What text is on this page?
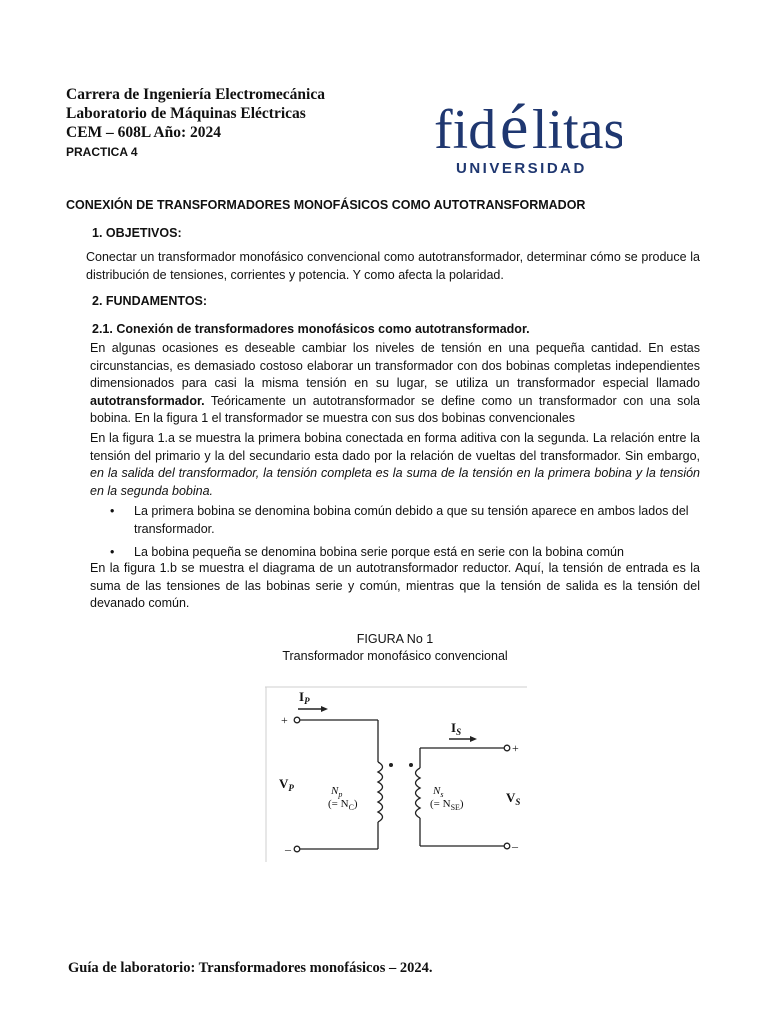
Carrera de Ingeniería Electromecánica

Laboratorio de Máquinas Eléctricas

CEM – 608L Año: 2024

PRACTICA 4	fid é litas
UNIVERSIDAD
CONEXIÓN DE TRANSFORMADORES MONOFÁSICOS COMO AUTOTRANSFORMADOR
1. OBJETIVOS:

Conectar un transformador monofásico convencional como autotransformador, determinar cómo se produce la distribución de tensiones, corrientes y potencia. Y como afecta la polaridad.

2. FUNDAMENTOS:
2.1. Conexión de transformadores monofásicos como autotransformador.

En algunas ocasiones es deseable cambiar los niveles de tensión en una pequeña cantidad. En estas circunstancias, es demasiado costoso elaborar un transformador con dos bobinas completas independientes dimensionados para casi la misma tensión en su lugar, se utiliza un transformador especial llamado autotransformador. Teóricamente un autotransformador se define como un transformador con una sola bobina. En la figura 1 el transformador se muestra con sus dos bobinas convencionales

En la figura 1.a se muestra la primera bobina conectada en forma aditiva con la segunda. La relación entre la tensión del primario y la del secundario esta dado por la relación de vueltas del transformador. Sin embargo, en la salida del transformador, la tensión completa es la suma de la tensión en la primera bobina y la tensión en la segunda bobina.

•	La primera bobina se denomina bobina común debido a que su tensión aparece en ambos lados del transformador.
•	La bobina pequeña se denomina bobina serie porque está en serie con la bobina común

En la figura 1.b se muestra el diagrama de un autotransformador reductor. Aquí, la tensión de entrada es la suma de las tensiones de las bobinas serie y común, mientras que la tensión de salida es la tensión del devanado común.

FIGURA No 1
Transformador monofásico convencional
$I_P$
$I_S$
+
–
+
–
$V_P$
$V_S$
$N_p$
(= $N_C$)
$N_s$
(= $N_{SE}$)
Guía de laboratorio: Transformadores monofásicos – 2024.
